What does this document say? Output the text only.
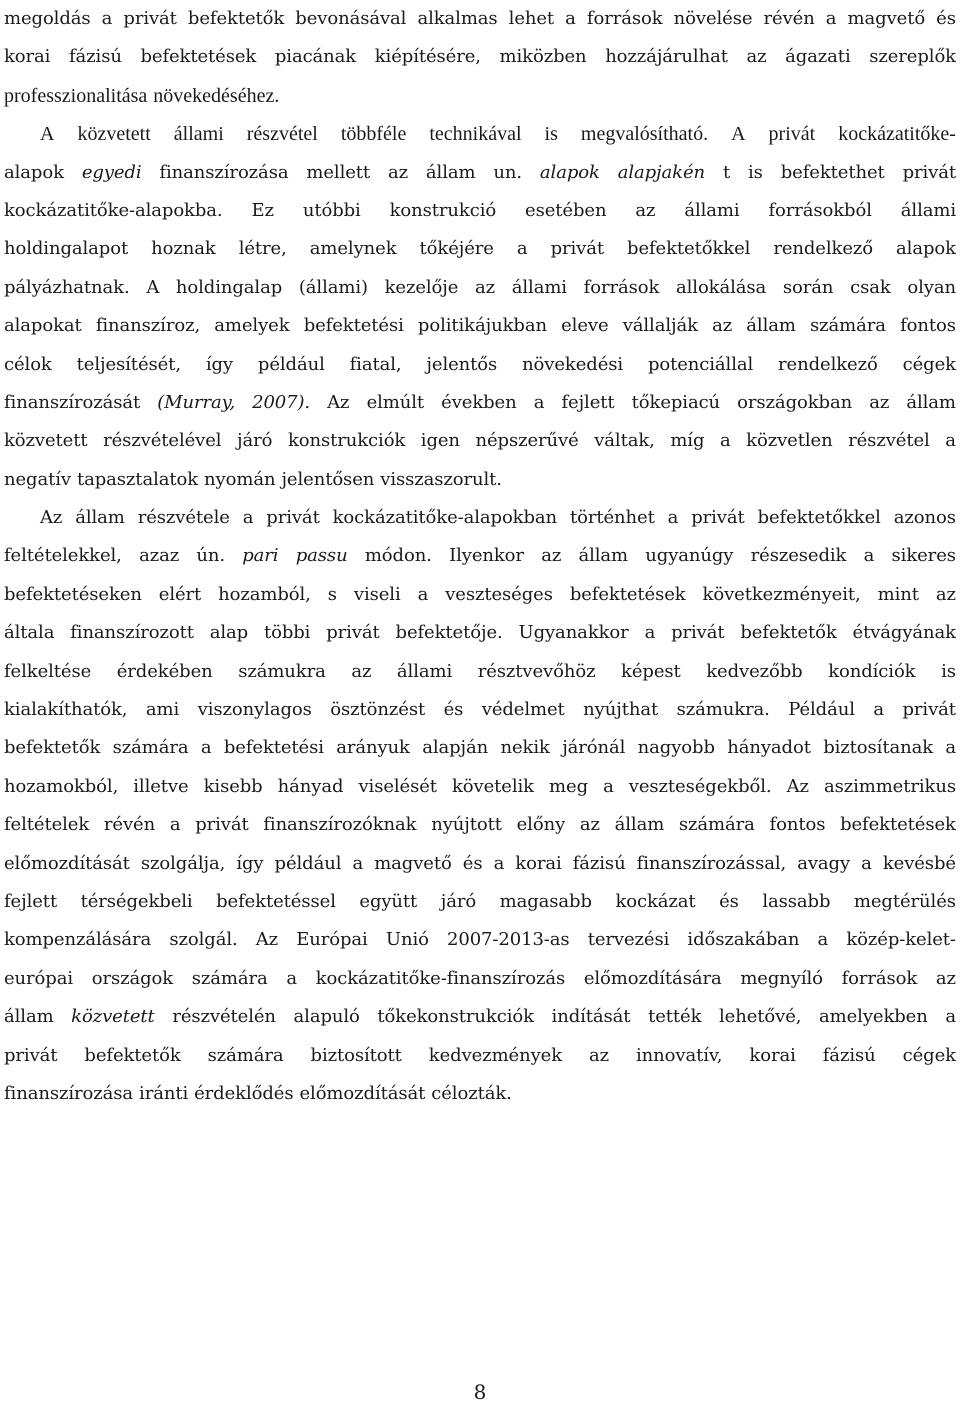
megoldás a privát befektetők bevonásával alkalmas lehet a források növelése révén a magvető és
korai fázisú befektetések piacának kiépítésére, miközben hozzájárulhat az ágazati szereplők
professzionalitása növekedéséhez.
A közvetett állami részvétel többféle technikával is megvalósítható. A privát kockázatitőke-
alapok egyedi finanszírozása mellett az állam un. alapok alapjakén t is befektethet privát
kockázatitőke-alapokba. Ez utóbbi konstrukció esetében az állami forrásokból állami
holdingalapot hoznak létre, amelynek tőkéjére a privát befektetőkkel rendelkező alapok
pályázhatnak. A holdingalap (állami) kezelője az állami források allokálása során csak olyan
alapokat finanszíroz, amelyek befektetési politikájukban eleve vállalják az állam számára fontos
célok teljesítését, így például fiatal, jelentős növekedési potenciállal rendelkező cégek
finanszírozását (Murray, 2007). Az elmúlt években a fejlett tőkepiacú országokban az állam
közvetett részvételével járó konstrukciók igen népszerűvé váltak, míg a közvetlen részvétel a
negatív tapasztalatok nyomán jelentősen visszaszorult.
Az állam részvétele a privát kockázatitőke-alapokban történhet a privát befektetőkkel azonos
feltételekkel, azaz ún. pari passu módon. Ilyenkor az állam ugyanúgy részesedik a sikeres
befektetéseken elért hozamból, s viseli a veszteséges befektetések következményeit, mint az
általa finanszírozott alap többi privát befektetője. Ugyanakkor a privát befektetők étvágyának
felkeltése érdekében számukra az állami résztvevőhöz képest kedvezőbb kondíciók is
kialakíthatók, ami viszonylagos ösztönzést és védelmet nyújthat számukra. Például a privát
befektetők számára a befektetési arányuk alapján nekik járónál nagyobb hányadot biztosítanak a
hozamokból, illetve kisebb hányad viselését követelik meg a veszteségekből. Az aszimmetrikus
feltételek révén a privát finanszírozóknak nyújtott előny az állam számára fontos befektetések
előmozdítását szolgálja, így például a magvető és a korai fázisú finanszírozással, avagy a kevésbé
fejlett térségekbeli befektetéssel együtt járó magasabb kockázat és lassabb megtérülés
kompenzálására szolgál. Az Európai Unió 2007-2013-as tervezési időszakában a közép-kelet-
európai országok számára a kockázatitőke-finanszírozás előmozdítására megnyíló források az
állam közvetett részvételén alapuló tőkekonstrukciók indítását tették lehetővé, amelyekben a
privát befektetők számára biztosított kedvezmények az innovatív, korai fázisú cégek
finanszírozása iránti érdeklődés előmozdítását célozták.
8
